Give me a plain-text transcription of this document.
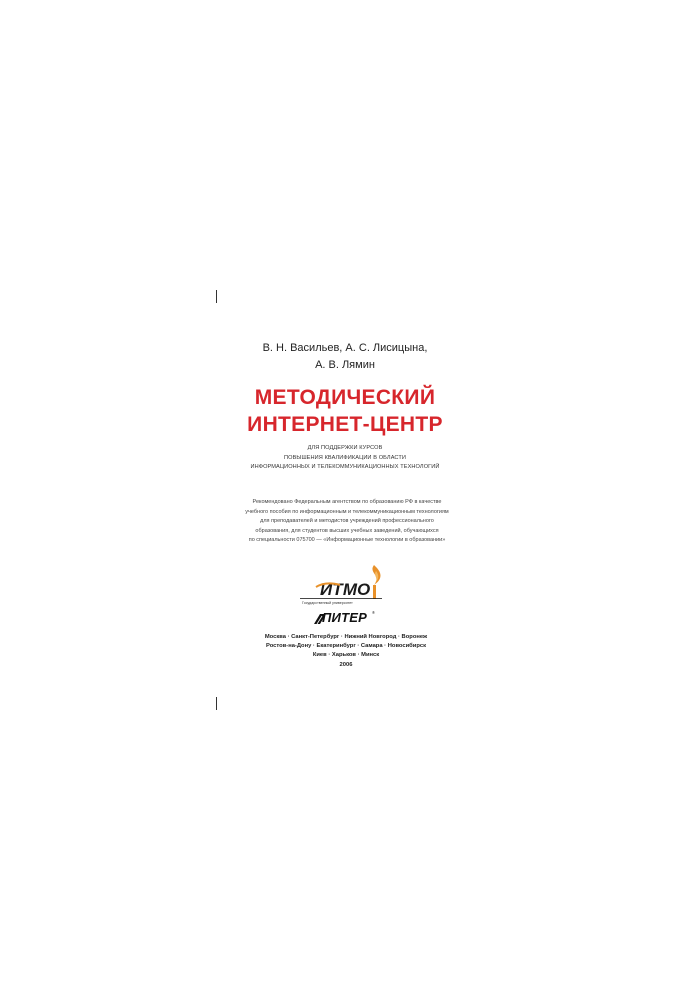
В. Н. Васильев, А. С. Лисицына,
А. В. Лямин
МЕТОДИЧЕСКИЙ
ИНТЕРНЕТ-ЦЕНТР
ДЛЯ ПОДДЕРЖКИ КУРСОВ
ПОВЫШЕНИЯ КВАЛИФИКАЦИИ В ОБЛАСТИ
ИНФОРМАЦИОННЫХ И ТЕЛЕКОММУНИКАЦИОННЫХ ТЕХНОЛОГИЙ
Рекомендовано Федеральным агентством по образованию РФ в качестве
учебного пособия по информационным и телекоммуникационным технологиям
для преподавателей и методистов учреждений профессионального
образования, для студентов высших учебных заведений, обучающихся
по специальности 075700 — «Информационные технологии в образовании»
ИТМО
Государственный университет
ПИТЕР ®
Москва · Санкт-Петербург · Нижний Новгород · Воронеж
Ростов-на-Дону · Екатеринбург · Самара · Новосибирск
Киев · Харьков · Минск
2006
